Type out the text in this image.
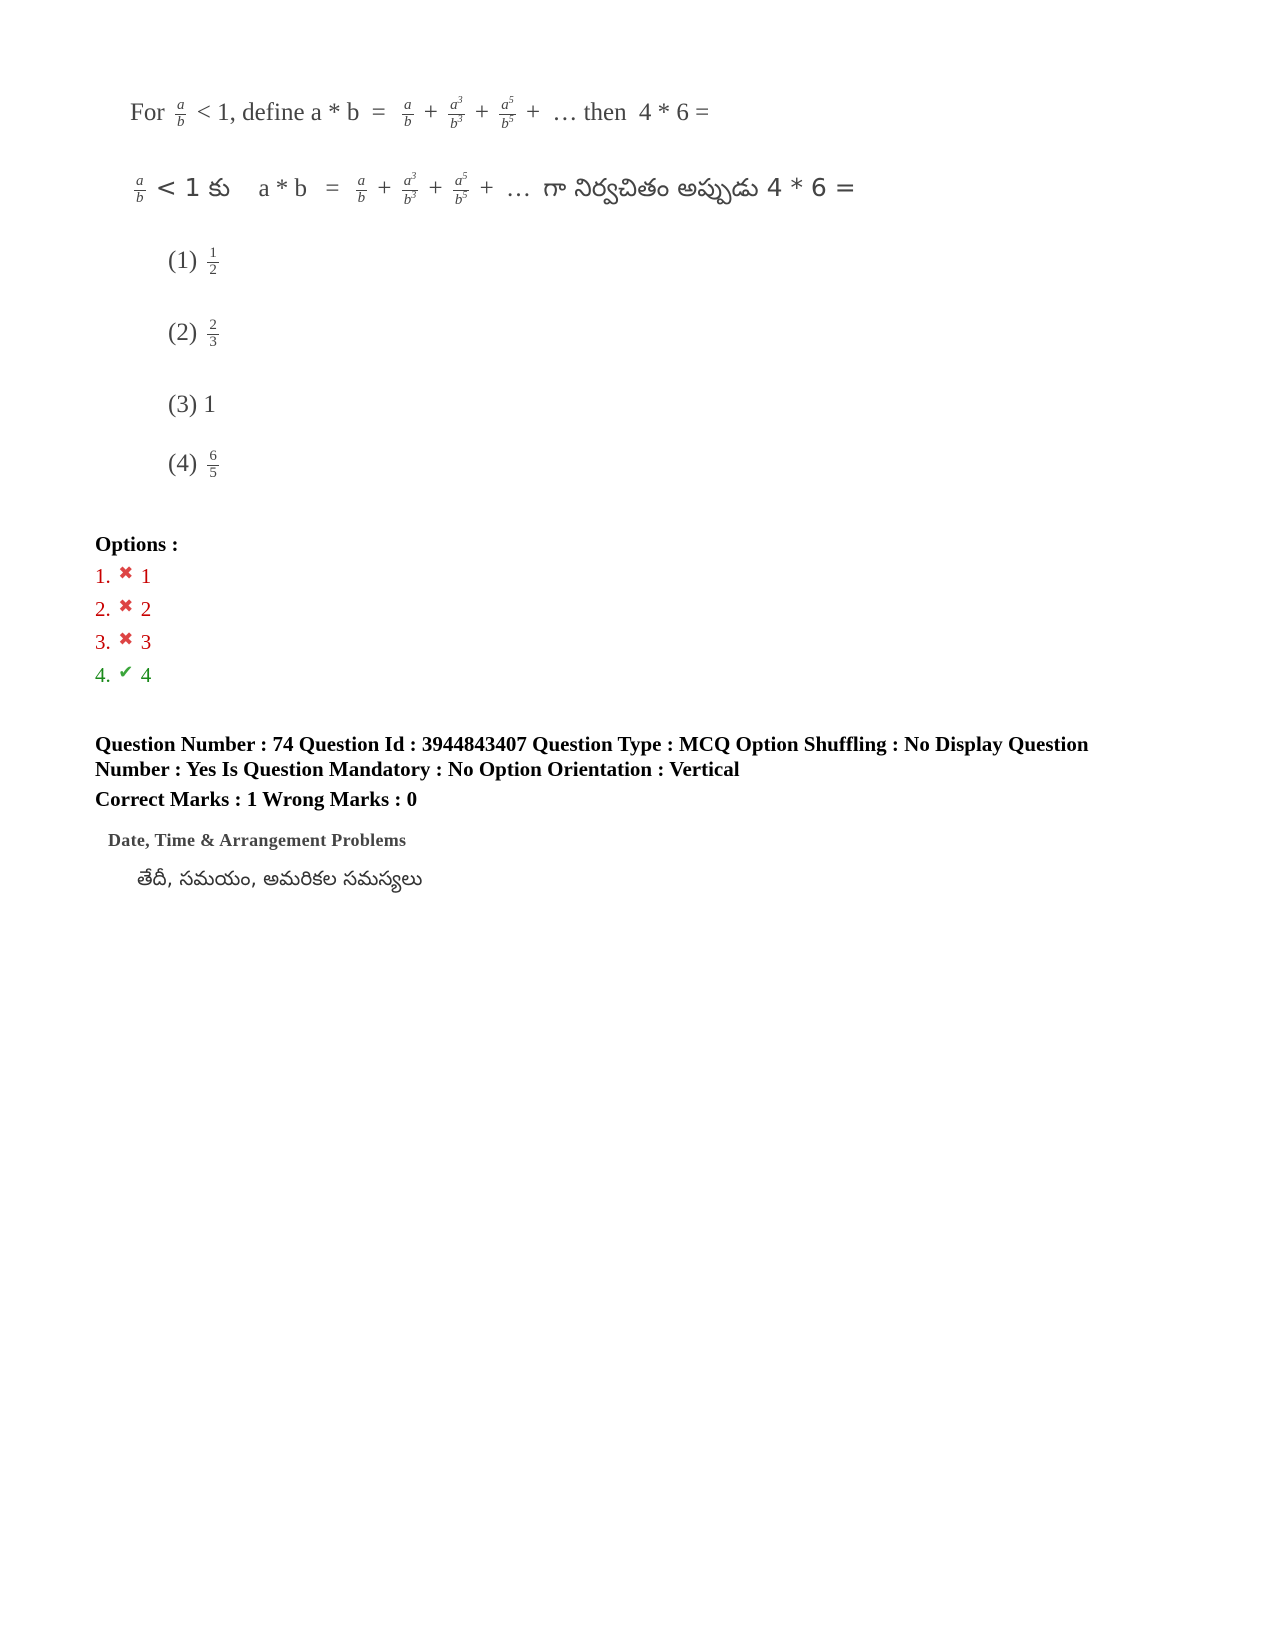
For $\frac{a}{b} < 1$, define $a * b = \frac{a}{b} + \frac{a^3}{b^3} + \frac{a^5}{b^5}$ + … then 4 * 6 =
$\frac{a}{b} < 1$ కు $a * b = \frac{a}{b} + \frac{a^3}{b^3} + \frac{a^5}{b^5}$ + … గా నిర్వచితం అప్పుడు 4 * 6 =
$(1) \frac{1}{2}$
$(2) \frac{2}{3}$
(3) 1
$(4) \frac{6}{5}$
Options :
1. ✖ 1
2. ✖ 2
3. ✖ 3
4. ✔ 4
Question Number : 74 Question Id : 3944843407 Question Type : MCQ Option Shuffling : No Display Question Number : Yes Is Question Mandatory : No Option Orientation : Vertical
Correct Marks : 1 Wrong Marks : 0
Date, Time & Arrangement Problems
తేదీ, సమయం, అమరికల సమస్యలు
